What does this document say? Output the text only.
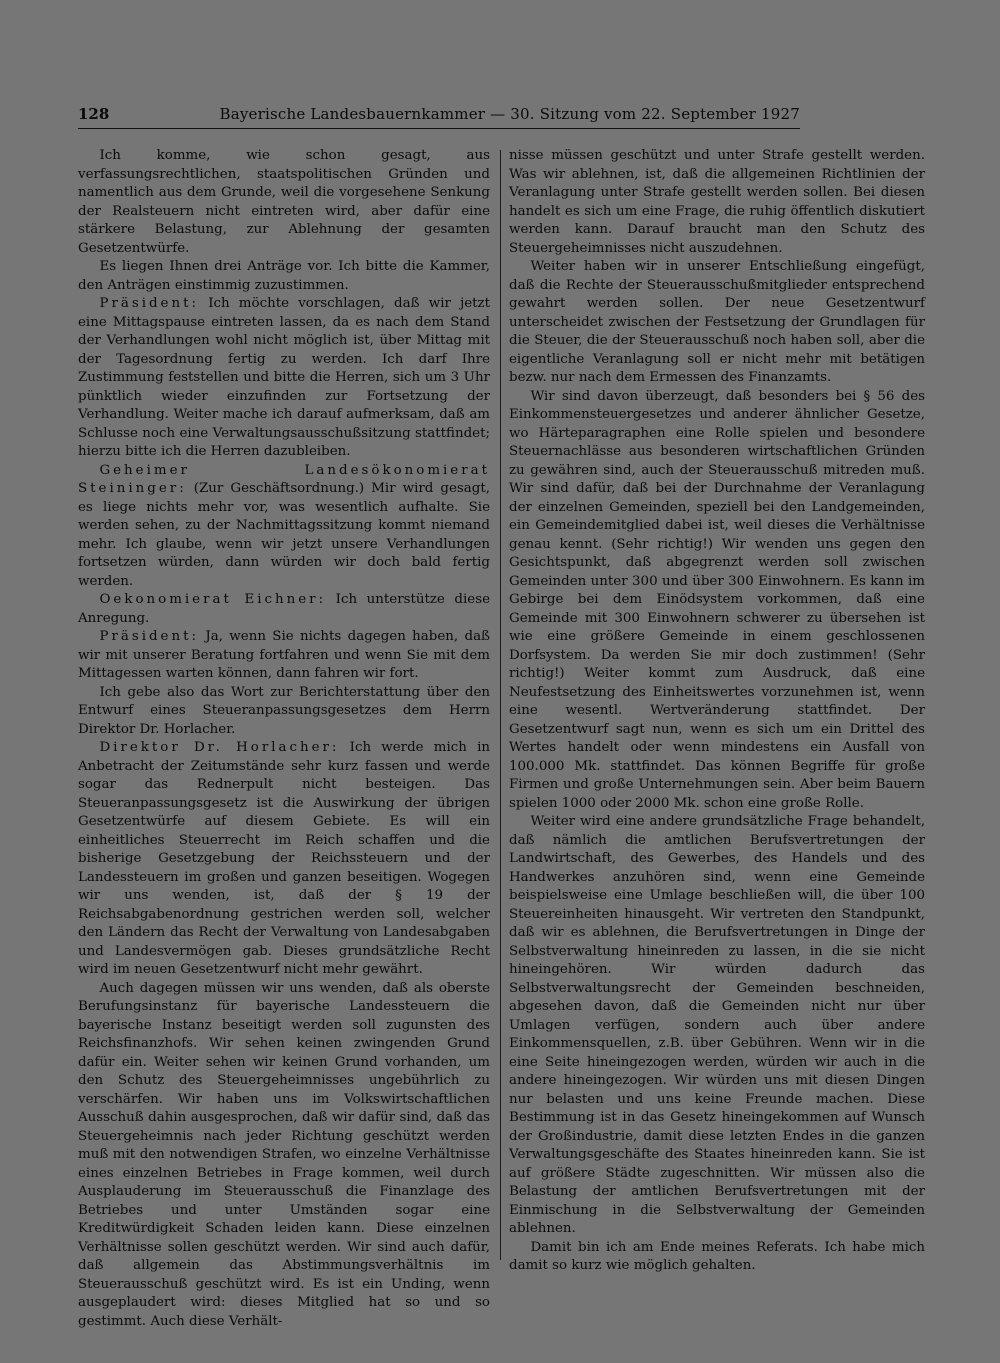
128	Bayerische Landesbauernkammer — 30. Sitzung vom 22. September 1927

Ich komme, wie schon gesagt, aus verfassungsrechtlichen, staatspolitischen Gründen und namentlich aus dem Grunde, weil die vorgesehene Senkung der Realsteuern nicht eintreten wird, aber dafür eine stärkere Belastung, zur Ablehnung der gesamten Gesetzentwürfe.

Es liegen Ihnen drei Anträge vor. Ich bitte die Kammer, den Anträgen einstimmig zuzustimmen.

Präsident: Ich möchte vorschlagen, daß wir jetzt eine Mittagspause eintreten lassen, da es nach dem Stand der Verhandlungen wohl nicht möglich ist, über Mittag mit der Tagesordnung fertig zu werden. Ich darf Ihre Zustimmung feststellen und bitte die Herren, sich um 3 Uhr pünktlich wieder einzufinden zur Fortsetzung der Verhandlung. Weiter mache ich darauf aufmerksam, daß am Schlusse noch eine Verwaltungsausschußsitzung stattfindet; hierzu bitte ich die Herren dazubleiben.

Geheimer Landesökonomierat Steininger: (Zur Geschäftsordnung.) Mir wird gesagt, es liege nichts mehr vor, was wesentlich aufhalte. Sie werden sehen, zu der Nachmittagssitzung kommt niemand mehr. Ich glaube, wenn wir jetzt unsere Verhandlungen fortsetzen würden, dann würden wir doch bald fertig werden.

Oekonomierat Eichner: Ich unterstütze diese Anregung.

Präsident: Ja, wenn Sie nichts dagegen haben, daß wir mit unserer Beratung fortfahren und wenn Sie mit dem Mittagessen warten können, dann fahren wir fort.

Ich gebe also das Wort zur Berichterstattung über den Entwurf eines Steueranpassungsgesetzes dem Herrn Direktor Dr. Horlacher.

Direktor Dr. Horlacher: Ich werde mich in Anbetracht der Zeitumstände sehr kurz fassen und werde sogar das Rednerpult nicht besteigen. Das Steueranpassungsgesetz ist die Auswirkung der übrigen Gesetzentwürfe auf diesem Gebiete. Es will ein einheitliches Steuerrecht im Reich schaffen und die bisherige Gesetzgebung der Reichssteuern und der Landessteuern im großen und ganzen beseitigen. Wogegen wir uns wenden, ist, daß der § 19 der Reichsabgabenordnung gestrichen werden soll, welcher den Ländern das Recht der Verwaltung von Landesabgaben und Landesvermögen gab. Dieses grundsätzliche Recht wird im neuen Gesetzentwurf nicht mehr gewährt.

Auch dagegen müssen wir uns wenden, daß als oberste Berufungsinstanz für bayerische Landessteuern die bayerische Instanz beseitigt werden soll zugunsten des Reichsfinanzhofs. Wir sehen keinen zwingenden Grund dafür ein. Weiter sehen wir keinen Grund vorhanden, um den Schutz des Steuergeheimnisses ungebührlich zu verschärfen. Wir haben uns im Volkswirtschaftlichen Ausschuß dahin ausgesprochen, daß wir dafür sind, daß das Steuergeheimnis nach jeder Richtung geschützt werden muß mit den notwendigen Strafen, wo einzelne Verhältnisse eines einzelnen Betriebes in Frage kommen, weil durch Ausplauderung im Steuerausschuß die Finanzlage des Betriebes und unter Umständen sogar eine Kreditwürdigkeit Schaden leiden kann. Diese einzelnen Verhältnisse sollen geschützt werden. Wir sind auch dafür, daß allgemein das Abstimmungsverhältnis im Steuerausschuß geschützt wird. Es ist ein Unding, wenn ausgeplaudert wird: dieses Mitglied hat so und so gestimmt. Auch diese Verhält-

nisse müssen geschützt und unter Strafe gestellt werden. Was wir ablehnen, ist, daß die allgemeinen Richtlinien der Veranlagung unter Strafe gestellt werden sollen. Bei diesen handelt es sich um eine Frage, die ruhig öffentlich diskutiert werden kann. Darauf braucht man den Schutz des Steuergeheimnisses nicht auszudehnen.

Weiter haben wir in unserer Entschließung eingefügt, daß die Rechte der Steuerausschußmitglieder entsprechend gewahrt werden sollen. Der neue Gesetzentwurf unterscheidet zwischen der Festsetzung der Grundlagen für die Steuer, die der Steuerausschuß noch haben soll, aber die eigentliche Veranlagung soll er nicht mehr mit betätigen bezw. nur nach dem Ermessen des Finanzamts.

Wir sind davon überzeugt, daß besonders bei § 56 des Einkommensteuergesetzes und anderer ähnlicher Gesetze, wo Härteparagraphen eine Rolle spielen und besondere Steuernachlässe aus besonderen wirtschaftlichen Gründen zu gewähren sind, auch der Steuerausschuß mitreden muß. Wir sind dafür, daß bei der Durchnahme der Veranlagung der einzelnen Gemeinden, speziell bei den Landgemeinden, ein Gemeindemitglied dabei ist, weil dieses die Verhältnisse genau kennt. (Sehr richtig!) Wir wenden uns gegen den Gesichtspunkt, daß abgegrenzt werden soll zwischen Gemeinden unter 300 und über 300 Einwohnern. Es kann im Gebirge bei dem Einödsystem vorkommen, daß eine Gemeinde mit 300 Einwohnern schwerer zu übersehen ist wie eine größere Gemeinde in einem geschlossenen Dorfsystem. Da werden Sie mir doch zustimmen! (Sehr richtig!) Weiter kommt zum Ausdruck, daß eine Neufestsetzung des Einheitswertes vorzunehmen ist, wenn eine wesentl. Wertveränderung stattfindet. Der Gesetzentwurf sagt nun, wenn es sich um ein Drittel des Wertes handelt oder wenn mindestens ein Ausfall von 100.000 Mk. stattfindet. Das können Begriffe für große Firmen und große Unternehmungen sein. Aber beim Bauern spielen 1000 oder 2000 Mk. schon eine große Rolle.

Weiter wird eine andere grundsätzliche Frage behandelt, daß nämlich die amtlichen Berufsvertretungen der Landwirtschaft, des Gewerbes, des Handels und des Handwerkes anzuhören sind, wenn eine Gemeinde beispielsweise eine Umlage beschließen will, die über 100 Steuereinheiten hinausgeht. Wir vertreten den Standpunkt, daß wir es ablehnen, die Berufsvertretungen in Dinge der Selbstverwaltung hineinreden zu lassen, in die sie nicht hineingehören. Wir würden dadurch das Selbstverwaltungsrecht der Gemeinden beschneiden, abgesehen davon, daß die Gemeinden nicht nur über Umlagen verfügen, sondern auch über andere Einkommensquellen, z.B. über Gebühren. Wenn wir in die eine Seite hineingezogen werden, würden wir auch in die andere hineingezogen. Wir würden uns mit diesen Dingen nur belasten und uns keine Freunde machen. Diese Bestimmung ist in das Gesetz hineingekommen auf Wunsch der Großindustrie, damit diese letzten Endes in die ganzen Verwaltungsgeschäfte des Staates hineinreden kann. Sie ist auf größere Städte zugeschnitten. Wir müssen also die Belastung der amtlichen Berufsvertretungen mit der Einmischung in die Selbstverwaltung der Gemeinden ablehnen.

Damit bin ich am Ende meines Referats. Ich habe mich damit so kurz wie möglich gehalten.
